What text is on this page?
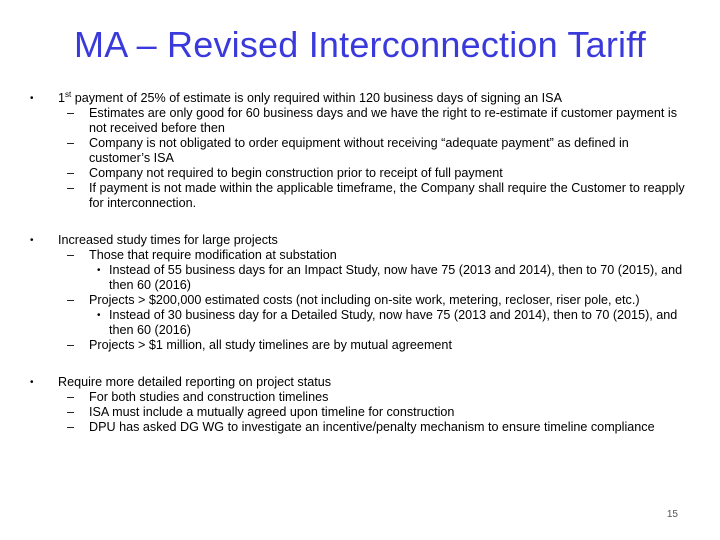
MA – Revised Interconnection Tariff
• 1st payment of 25% of estimate is only required within 120 business days of signing an ISA
– Estimates are only good for 60 business days and we have the right to re-estimate if customer payment is not received before then
– Company is not obligated to order equipment without receiving “adequate payment” as defined in customer’s ISA
– Company not required to begin construction prior to receipt of full payment
– If payment is not made within the applicable timeframe, the Company shall require the Customer to reapply for interconnection.
• Increased study times for large projects
– Those that require modification at substation
• Instead of 55 business days for an Impact Study, now have 75 (2013 and 2014), then to 70 (2015), and then 60 (2016)
– Projects > $200,000 estimated costs (not including on-site work, metering, recloser, riser pole, etc.)
• Instead of 30 business day for a Detailed Study, now have 75 (2013 and 2014), then to 70 (2015), and then 60 (2016)
– Projects > $1 million, all study timelines are by mutual agreement
• Require more detailed reporting on project status
– For both studies and construction timelines
– ISA must include a mutually agreed upon timeline for construction
– DPU has asked DG WG to investigate an incentive/penalty mechanism to ensure timeline compliance
15
